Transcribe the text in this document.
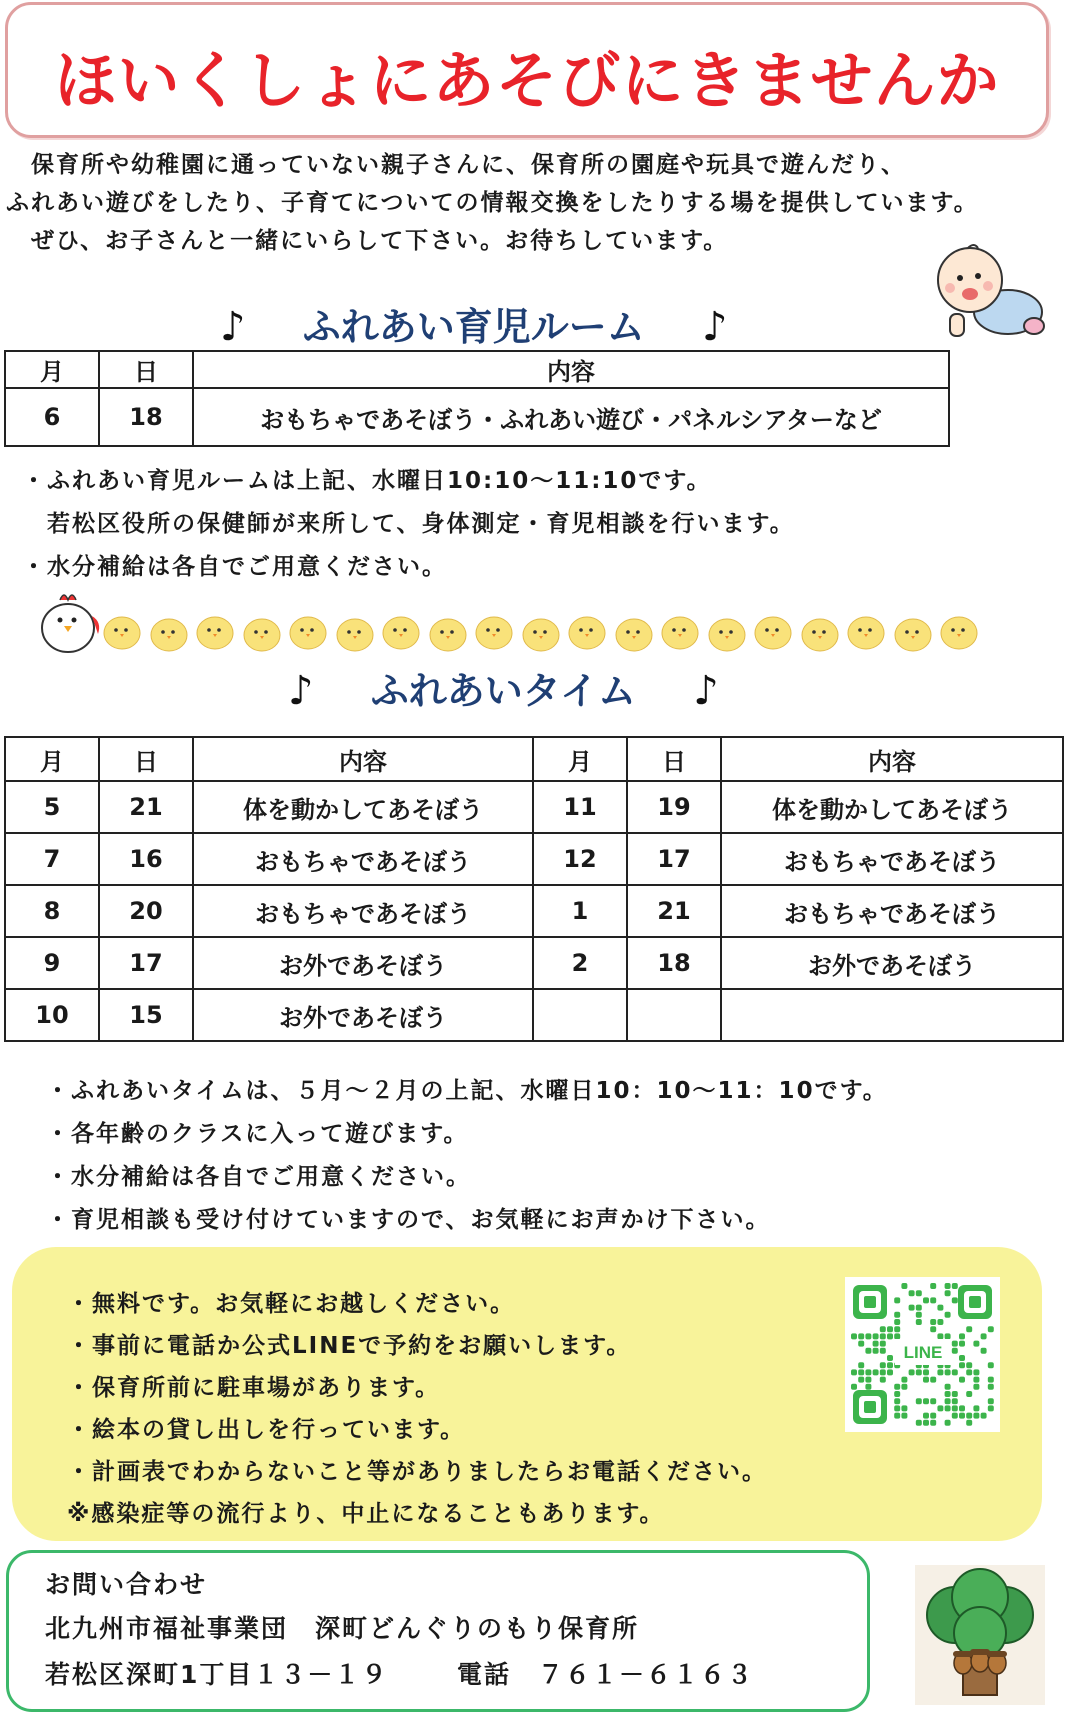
ほいくしょにあそびにきませんか
　保育所や幼稚園に通っていない親子さんに、保育所の園庭や玩具で遊んだり、
ふれあい遊びをしたり、子育てについての情報交換をしたりする場を提供しています。
　ぜひ、お子さんと一緒にいらして下さい。お待ちしています。
♪ ふれあい育児ルーム ♪
月	日	内容
6	18	おもちゃであそぼう・ふれあい遊び・パネルシアターなど
・ふれあい育児ルームは上記、水曜日10:10～11:10です。
　若松区役所の保健師が来所して、身体測定・育児相談を行います。
・水分補給は各自でご用意ください。
♪ ふれあいタイム ♪
月	日	内容	月	日	内容
5	21	体を動かしてあそぼう	11	19	体を動かしてあそぼう
7	16	おもちゃであそぼう	12	17	おもちゃであそぼう
8	20	おもちゃであそぼう	1	21	おもちゃであそぼう
9	17	お外であそぼう	2	18	お外であそぼう
10	15	お外であそぼう			
・ふれあいタイムは、５月～２月の上記、水曜日10：10～11：10です。
・各年齢のクラスに入って遊びます。
・水分補給は各自でご用意ください。
・育児相談も受け付けていますので、お気軽にお声かけ下さい。
・無料です。お気軽にお越しください。
・事前に電話か公式LINEで予約をお願いします。
・保育所前に駐車場があります。
・絵本の貸し出しを行っています。
・計画表でわからないこと等がありましたらお電話ください。
※感染症等の流行より、中止になることもあります。
LINE
お問い合わせ
北九州市福祉事業団　深町どんぐりのもり保育所
若松区深町1丁目１３－１９	電話　７６１－６１６３
